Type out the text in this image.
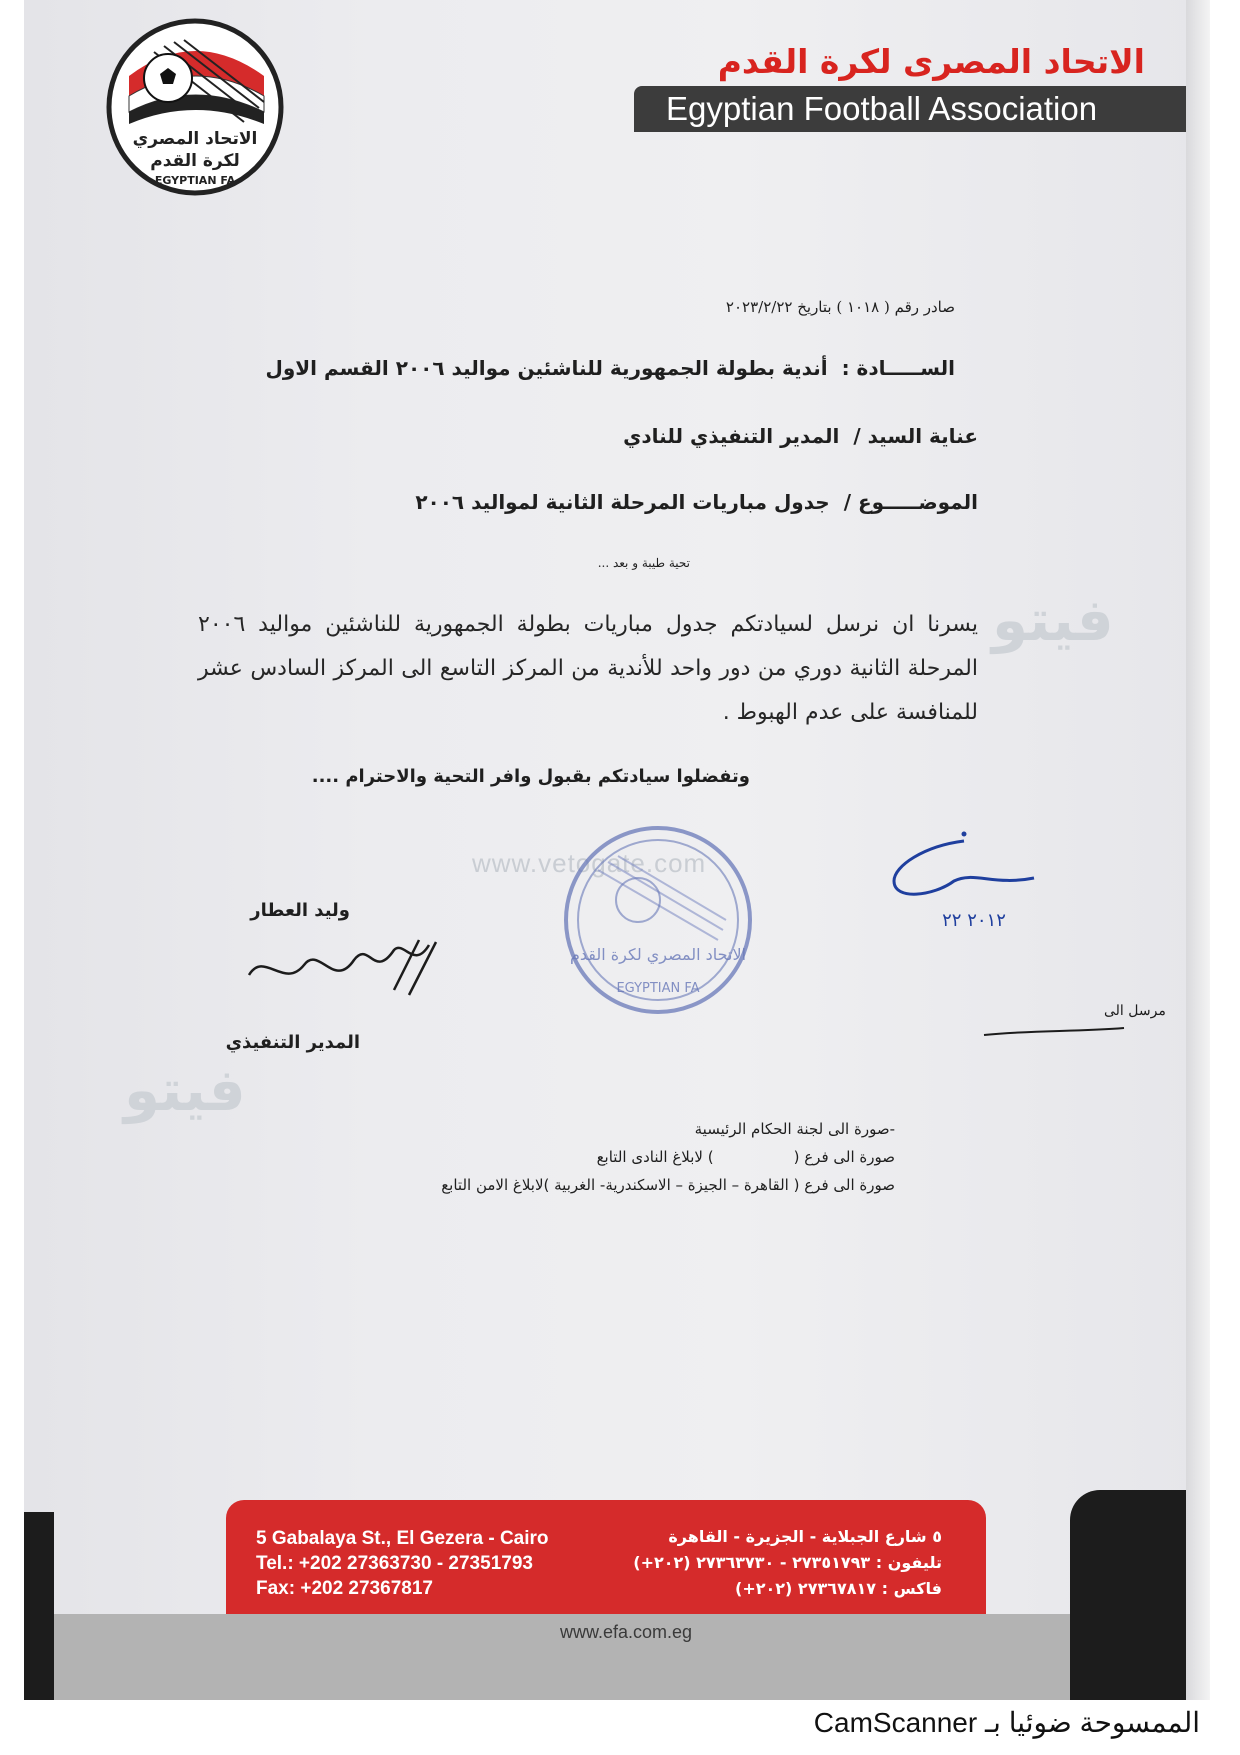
الاتحاد المصري
لكرة القدم
EGYPTIAN FA
الاتحاد المصرى لكرة القدم
Egyptian Football Association
فيتو
فيتو
صادر رقم ( ١٠١٨ ) بتاريخ ٢٠٢٣/٢/٢٢
الســـــادة :أندية بطولة الجمهورية للناشئين مواليد ٢٠٠٦ القسم الاول
عناية السيد /المدير التنفيذي للنادي
الموضـــــوع /جدول مباريات المرحلة الثانية لمواليد ٢٠٠٦
تحية طيبة و بعد ...
يسرنا ان نرسل لسيادتكم جدول مباريات بطولة الجمهورية للناشئين مواليد ٢٠٠٦ المرحلة الثانية دوري من دور واحد للأندية من المركز التاسع الى المركز السادس عشر للمنافسة على عدم الهبوط .
وتفضلوا سيادتكم بقبول وافر التحية والاحترام ....
www.vetogate.com
الاتحاد المصري لكرة القدم
EGYPTIAN FA
وليد العطار
المدير التنفيذي
٢٠١٢ ٢٢
مرسل الى
-صورة الى لجنة الحكام الرئيسية
صورة الى فرع () لابلاغ النادى التابع
صورة الى فرع ( القاهرة – الجيزة – الاسكندرية- الغربية )لابلاغ الامن التابع
5 Gabalaya St., El Gezera - Cairo
Tel.: +202 27363730 - 27351793
Fax: +202 27367817
٥ شارع الجبلاية - الجزيرة - القاهرة
تليفون : ٢٧٣٥١٧٩٣ - ٢٧٣٦٣٧٣٠ (٢٠٢+)
فاكس : ٢٧٣٦٧٨١٧ (٢٠٢+)
www.efa.com.eg
الممسوحة ضوئيا بـ CamScanner
